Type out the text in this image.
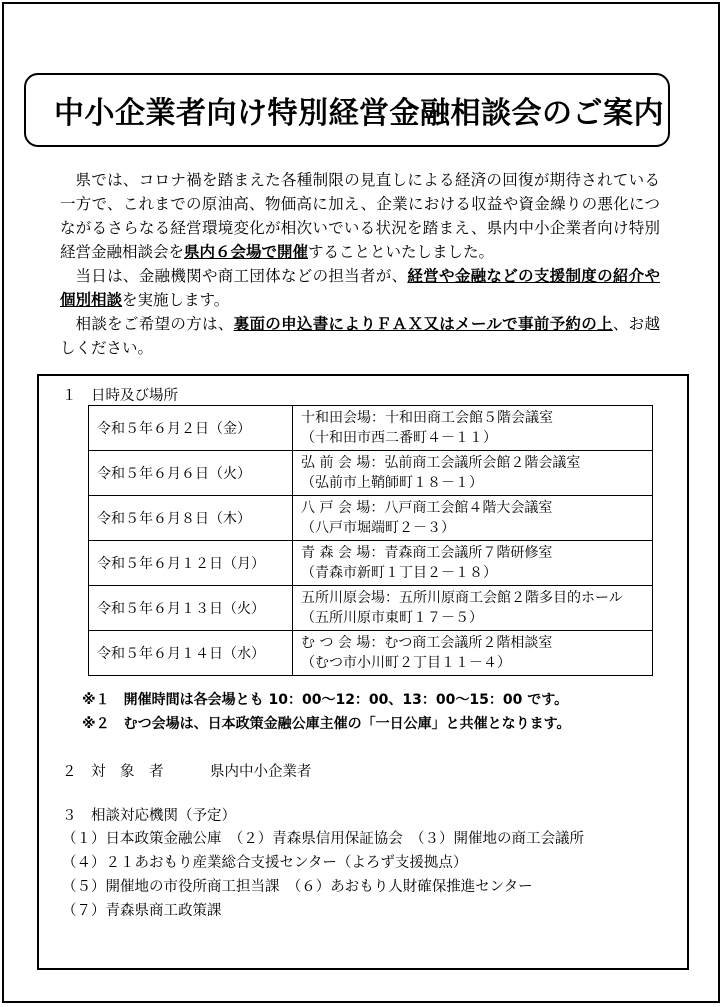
中小企業者向け特別経営金融相談会のご案内

県では、コロナ禍を踏まえた各種制限の見直しによる経済の回復が期待されている一方で、これまでの原油高、物価高に加え、企業における収益や資金繰りの悪化につながるさらなる経営環境変化が相次いでいる状況を踏まえ、県内中小企業者向け特別経営金融相談会を県内６会場で開催することといたしました。

当日は、金融機関や商工団体などの担当者が、経営や金融などの支援制度の紹介や個別相談を実施します。

相談をご希望の方は、裏面の申込書によりＦＡＸ又はメールで事前予約の上、お越しください。

１　日時及び場所
令和５年６月２日（金）	十和田会場：十和田商工会館５階会議室
（十和田市西二番町４－１１）

令和５年６月６日（火）	弘 前 会 場：弘前商工会議所会館２階会議室
（弘前市上鞘師町１８－１）

令和５年６月８日（木）	八 戸 会 場：八戸商工会館４階大会議室
（八戸市堀端町２－３）

令和５年６月１２日（月）	青 森 会 場：青森商工会議所７階研修室
（青森市新町１丁目２－１８）

令和５年６月１３日（火）	五所川原会場：五所川原商工会館２階多目的ホール
（五所川原市東町１７－５）

令和５年６月１４日（水）	む つ 会 場：むつ商工会議所２階相談室
（むつ市小川町２丁目１１－４）
※１　開催時間は各会場とも 10：00～12：00、13：00～15：00 です。
※２　むつ会場は、日本政策金融公庫主催の「一日公庫」と共催となります。
２　対　象　者	県内中小企業者
３　相談対応機関（予定）
（１）日本政策金融公庫　（２）青森県信用保証協会　（３）開催地の商工会議所
（４）２１あおもり産業総合支援センター（よろず支援拠点）
（５）開催地の市役所商工担当課　（６）あおもり人財確保推進センター
（７）青森県商工政策課
